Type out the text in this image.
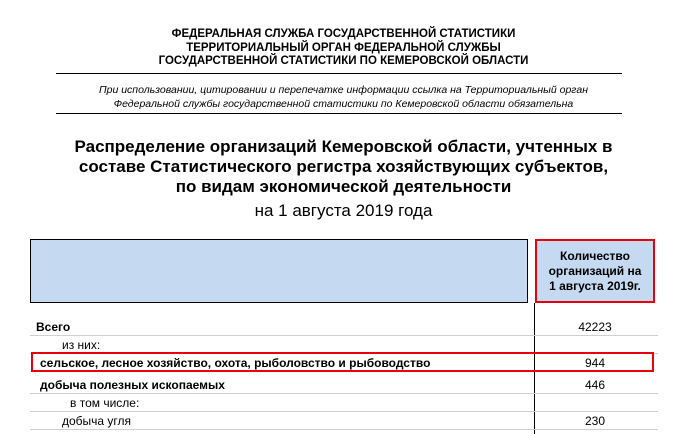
ФЕДЕРАЛЬНАЯ СЛУЖБА ГОСУДАРСТВЕННОЙ СТАТИСТИКИ
ТЕРРИТОРИАЛЬНЫЙ ОРГАН ФЕДЕРАЛЬНОЙ СЛУЖБЫ
ГОСУДАРСТВЕННОЙ СТАТИСТИКИ ПО КЕМЕРОВСКОЙ ОБЛАСТИ
При использовании, цитировании и перепечатке информации ссылка на Территориальный орган
Федеральной службы государственной статистики по Кемеровской области обязательна
Распределение организаций Кемеровской области, учтенных в
составе Статистического регистра хозяйствующих субъектов,
по видам экономической деятельности
на 1 августа 2019 года
Количество
организаций на
1 августа 2019г.
Всего	42223
из них:
сельское, лесное хозяйство, охота, рыболовство и рыбоводство	944
добыча полезных ископаемых	446
в том числе:
добыча угля	230
